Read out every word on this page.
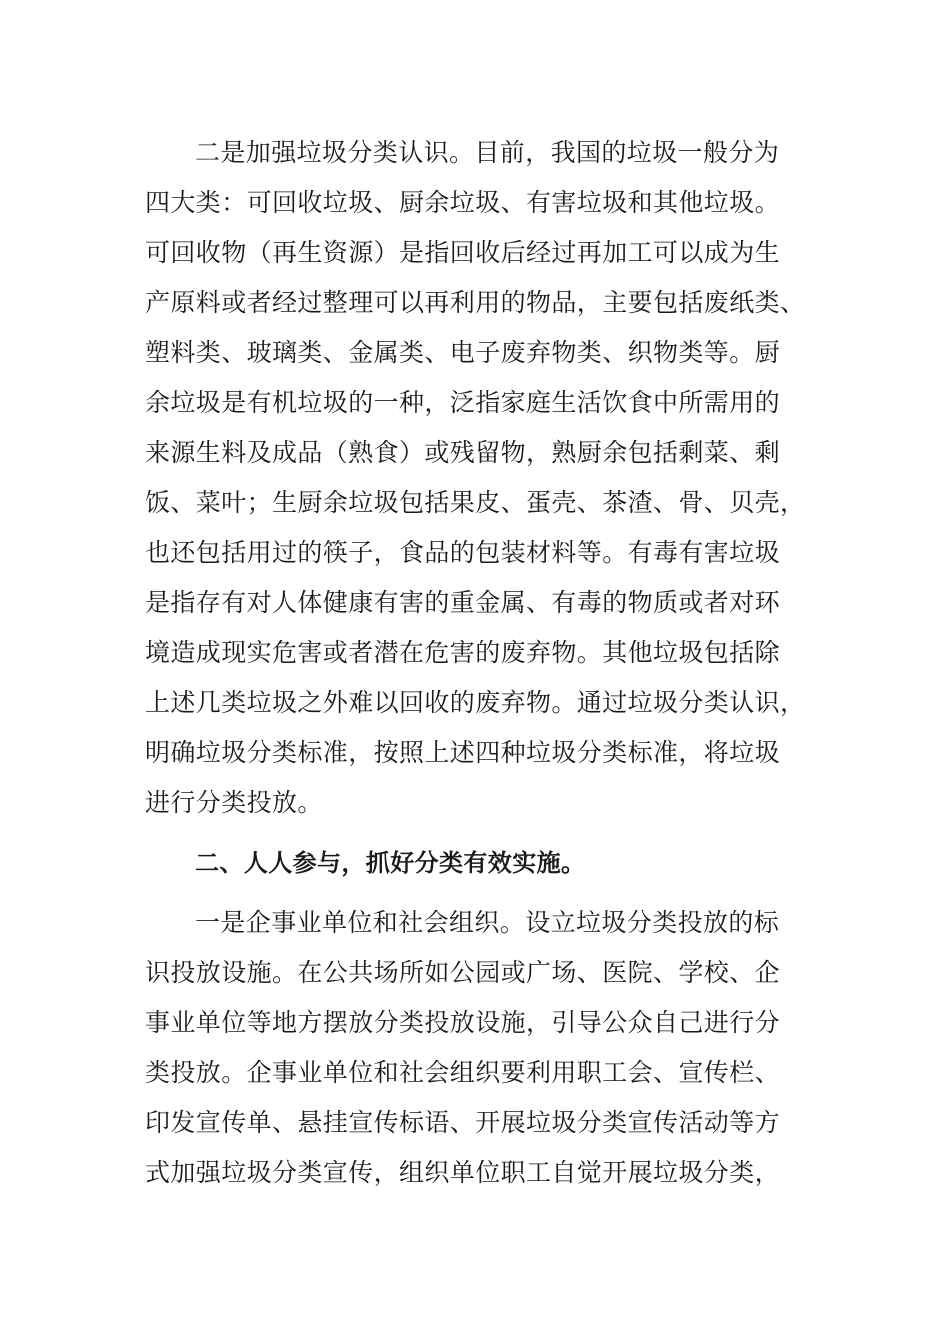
二是加强垃圾分类认识。目前，我国的垃圾一般分为
四大类：可回收垃圾、厨余垃圾、有害垃圾和其他垃圾。
可回收物（再生资源）是指回收后经过再加工可以成为生
产原料或者经过整理可以再利用的物品，主要包括废纸类、
塑料类、玻璃类、金属类、电子废弃物类、织物类等。厨
余垃圾是有机垃圾的一种，泛指家庭生活饮食中所需用的
来源生料及成品（熟食）或残留物，熟厨余包括剩菜、剩
饭、菜叶；生厨余垃圾包括果皮、蛋壳、茶渣、骨、贝壳，
也还包括用过的筷子，食品的包装材料等。有毒有害垃圾
是指存有对人体健康有害的重金属、有毒的物质或者对环
境造成现实危害或者潜在危害的废弃物。其他垃圾包括除
上述几类垃圾之外难以回收的废弃物。通过垃圾分类认识，
明确垃圾分类标准，按照上述四种垃圾分类标准，将垃圾
进行分类投放。
二、人人参与，抓好分类有效实施。
一是企事业单位和社会组织。设立垃圾分类投放的标
识投放设施。在公共场所如公园或广场、医院、学校、企
事业单位等地方摆放分类投放设施，引导公众自己进行分
类投放。企事业单位和社会组织要利用职工会、宣传栏、
印发宣传单、悬挂宣传标语、开展垃圾分类宣传活动等方
式加强垃圾分类宣传，组织单位职工自觉开展垃圾分类，
